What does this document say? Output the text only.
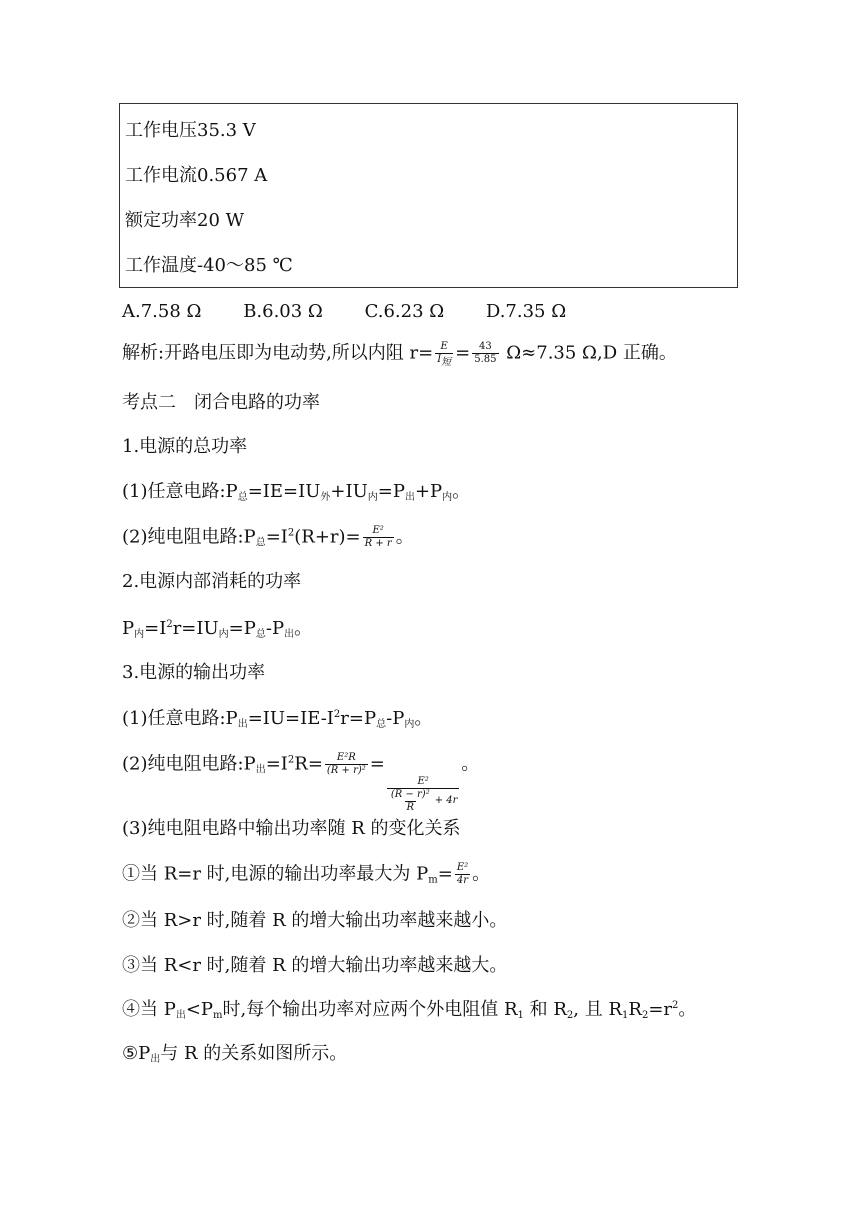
工作电压35.3 V
工作电流0.567 A
额定功率20 W
工作温度-40～85 ℃
A.7.58 Ω B.6.03 Ω C.6.23 Ω D.7.35 Ω
解析:开路电压即为电动势,所以内阻 $r= \frac{E}{I_短} = \frac{43}{5.85} \Omega\approx 7.35$ Ω,D 正确。
考点二　闭合电路的功率
1.电源的总功率
(1)任意电路$:P_总=IE=IU_外+IU_内=P_出+P_内$。
(2)纯电阻电路$:P_总=I^2(R+r)= \frac{\text{E²}}{R + r}$ 。
2.电源内部消耗的功率
$P_内=I^2r=IU_内=P_总-P_出$。
3.电源的输出功率
(1)任意电路$:P_出=IU=IE-I^2r=P_总-P_内$。
(2)纯电阻电路$:P_出=I^2R= \frac{\text{E²R}}{\text{(R + r)²}}$ =
$\frac{\text{E²}}{\frac{\text{(R − r)²}}{R} + 4r}$
。
(3)纯电阻电路中输出功率随 R 的变化关系
①当 R=r 时,电源的输出功率最大为 $P_m= \frac{\text{E²}}{4r}$ 。
②当 R>r 时,随着 R 的增大输出功率越来越小。
③当 R<r 时,随着 R 的增大输出功率越来越大。
④当 $P_出<P_m$时,每个输出功率对应两个外电阻值 $R_1$ 和 $R_2$, 且 $R_1R_2=r^2$。
$⑤P_出$与 R 的关系如图所示。
